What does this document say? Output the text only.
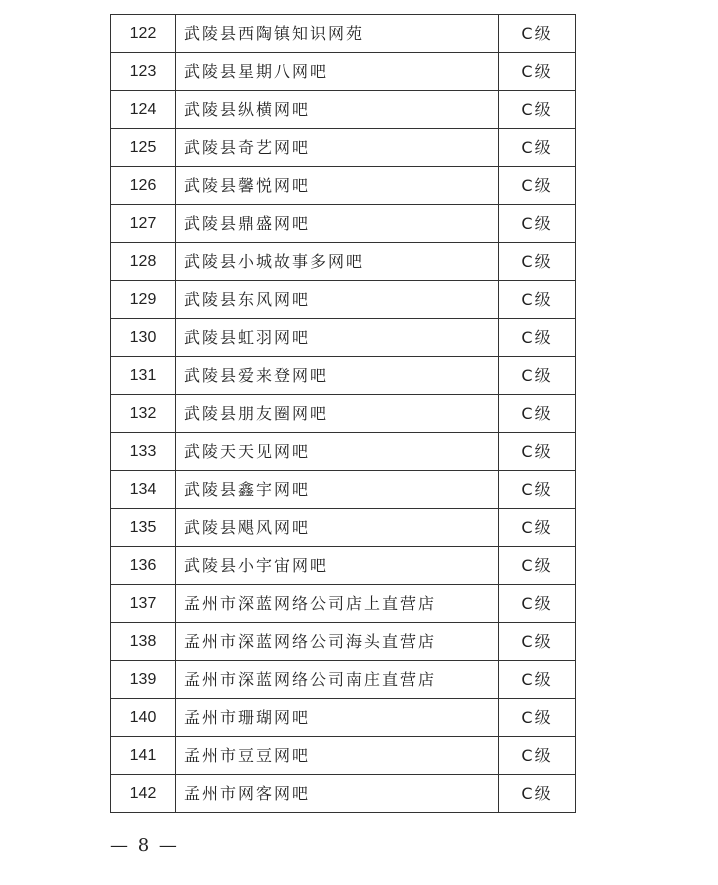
122	武陵县西陶镇知识网苑	C级
123	武陵县星期八网吧	C级
124	武陵县纵横网吧	C级
125	武陵县奇艺网吧	C级
126	武陵县馨悦网吧	C级
127	武陵县鼎盛网吧	C级
128	武陵县小城故事多网吧	C级
129	武陵县东风网吧	C级
130	武陵县虹羽网吧	C级
131	武陵县爱来登网吧	C级
132	武陵县朋友圈网吧	C级
133	武陵天天见网吧	C级
134	武陵县鑫宇网吧	C级
135	武陵县飓风网吧	C级
136	武陵县小宇宙网吧	C级
137	孟州市深蓝网络公司店上直营店	C级
138	孟州市深蓝网络公司海头直营店	C级
139	孟州市深蓝网络公司南庄直营店	C级
140	孟州市珊瑚网吧	C级
141	孟州市豆豆网吧	C级
142	孟州市网客网吧	C级
— 8 —
